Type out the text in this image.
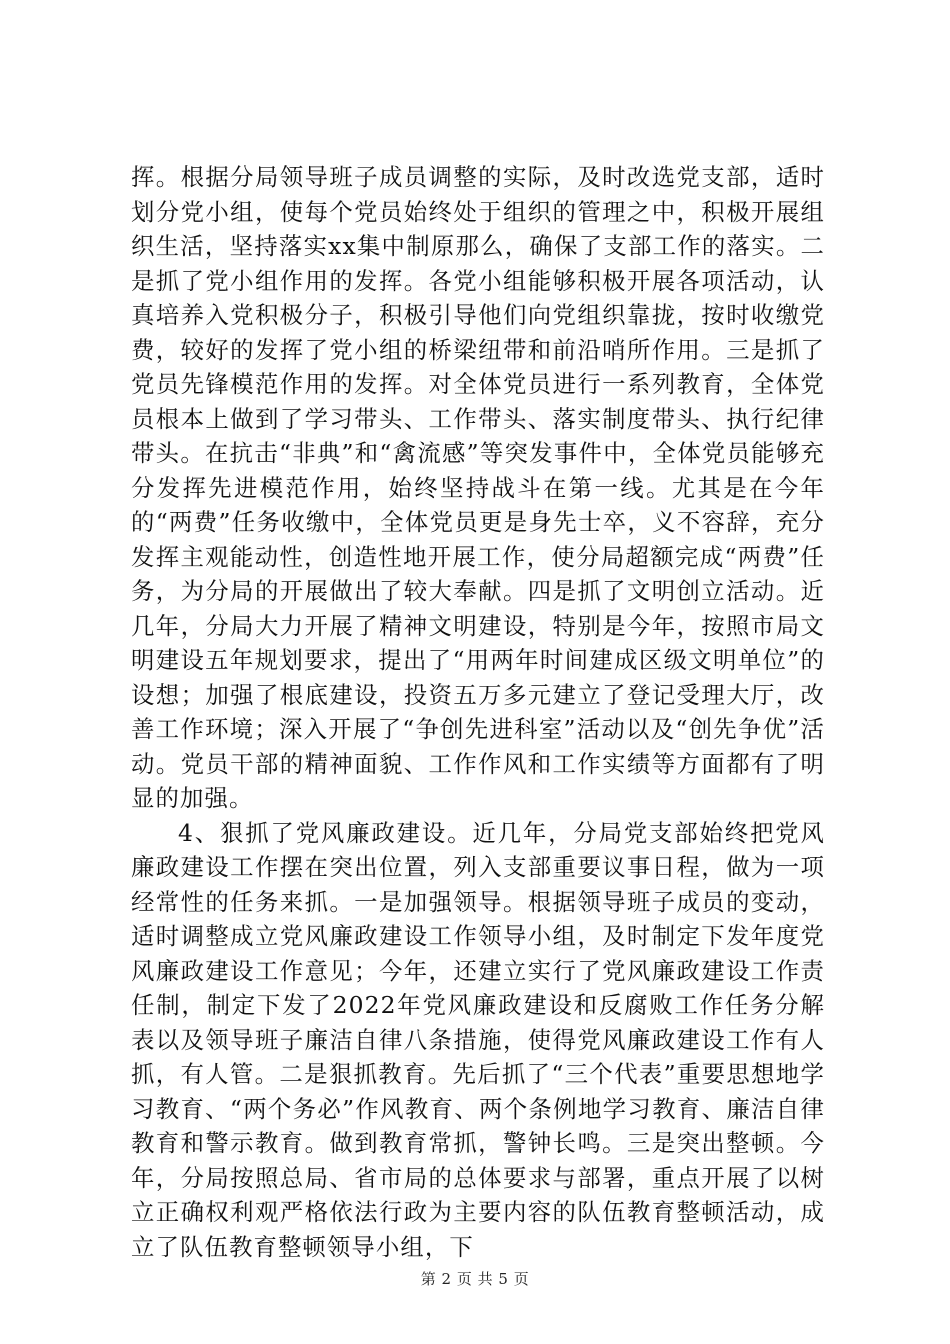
挥。根据分局领导班子成员调整的实际，及时改选党支部，适时划分党小组，使每个党员始终处于组织的管理之中，积极开展组织生活，坚持落实xx集中制原那么，确保了支部工作的落实。二是抓了党小组作用的发挥。各党小组能够积极开展各项活动，认真培养入党积极分子，积极引导他们向党组织靠拢，按时收缴党费，较好的发挥了党小组的桥梁纽带和前沿哨所作用。三是抓了党员先锋模范作用的发挥。对全体党员进行一系列教育，全体党员根本上做到了学习带头、工作带头、落实制度带头、执行纪律带头。在抗击“非典”和“禽流感”等突发事件中，全体党员能够充分发挥先进模范作用，始终坚持战斗在第一线。尤其是在今年的“两费”任务收缴中，全体党员更是身先士卒，义不容辞，充分发挥主观能动性，创造性地开展工作，使分局超额完成“两费”任务，为分局的开展做出了较大奉献。四是抓了文明创立活动。近几年，分局大力开展了精神文明建设，特别是今年，按照市局文明建设五年规划要求，提出了“用两年时间建成区级文明单位”的设想；加强了根底建设，投资五万多元建立了登记受理大厅，改善工作环境；深入开展了“争创先进科室”活动以及“创先争优”活动。党员干部的精神面貌、工作作风和工作实绩等方面都有了明显的加强。

4、狠抓了党风廉政建设。近几年，分局党支部始终把党风廉政建设工作摆在突出位置，列入支部重要议事日程，做为一项经常性的任务来抓。一是加强领导。根据领导班子成员的变动，适时调整成立党风廉政建设工作领导小组，及时制定下发年度党风廉政建设工作意见；今年，还建立实行了党风廉政建设工作责任制，制定下发了2022年党风廉政建设和反腐败工作任务分解表以及领导班子廉洁自律八条措施，使得党风廉政建设工作有人抓，有人管。二是狠抓教育。先后抓了“三个代表”重要思想地学习教育、“两个务必”作风教育、两个条例地学习教育、廉洁自律教育和警示教育。做到教育常抓，警钟长鸣。三是突出整顿。今年，分局按照总局、省市局的总体要求与部署，重点开展了以树立正确权利观严格依法行政为主要内容的队伍教育整顿活动，成立了队伍教育整顿领导小组，下

第 2 页 共 5 页
